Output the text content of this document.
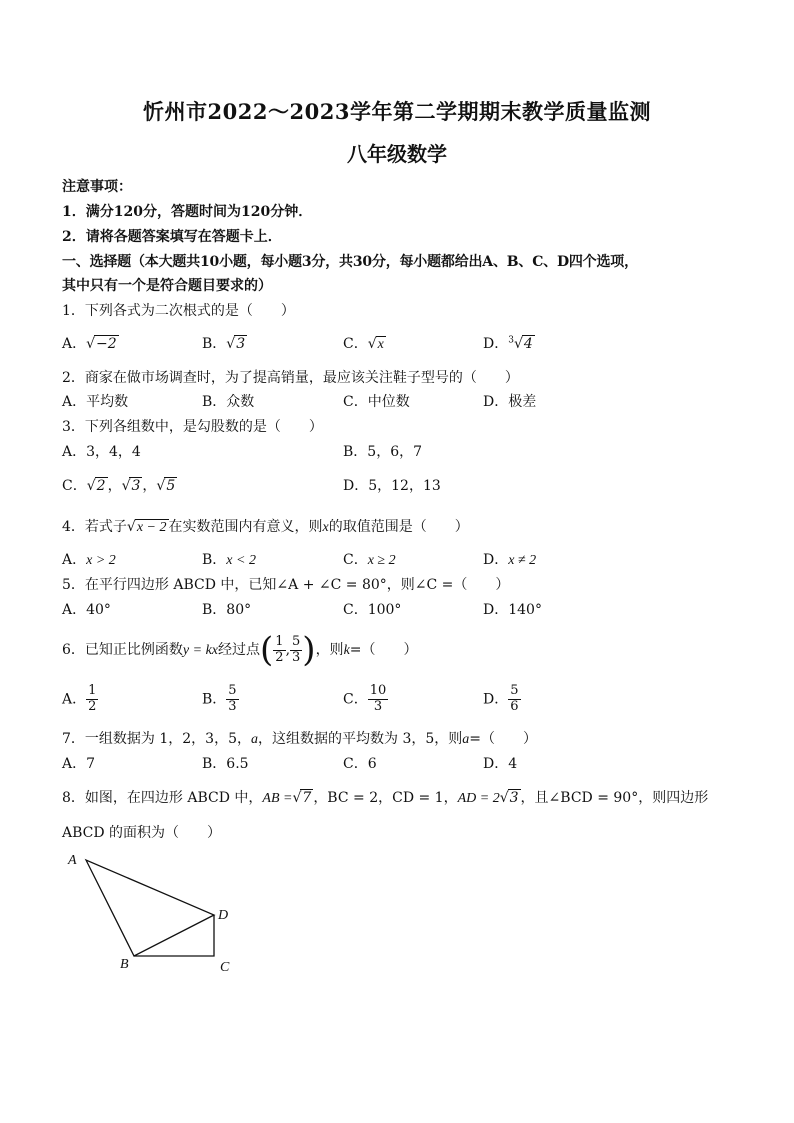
忻州市2022～2023学年第二学期期末教学质量监测
八年级数学
注意事项：
1．满分120分，答题时间为120分钟．
2．请将各题答案填写在答题卡上．
一、选择题（本大题共10小题，每小题3分，共30分，每小题都给出A、B、C、D四个选项，
其中只有一个是符合题目要求的）
1．下列各式为二次根式的是（　　）
A．√−2	B．√3	C．√x	D．$^3$√4
2．商家在做市场调查时，为了提高销量，最应该关注鞋子型号的（　　）
A．平均数	B．众数	C．中位数	D．极差
3．下列各组数中，是勾股数的是（　　）
A．3，4，4	B．5，6，7
C．√2 ，√3 ，√5	D．5，12，13
4．若式子√x − 2 在实数范围内有意义，则x的取值范围是（　　）
A．x > 2	B．x < 2	C．x ≥ 2	D．x ≠ 2
5．在平行四边形 ABCD 中，已知∠A + ∠C = 80°，则∠C =（　　）
A．40°	B．80°	C．100°	D．140°
6．已知正比例函数y = kx经过点( $\frac{1}{2}$ , $\frac{5}{3}$ )，则k=（　　）
A． $\frac{1}{2}$	B． $\frac{5}{3}$	C． $\frac{10}{3}$	D． $\frac{5}{6}$
7．一组数据为 1，2，3，5，a，这组数据的平均数为 3，5，则a=（　　）
A．7	B．6.5	C．6	D．4
8．如图，在四边形 ABCD 中，AB =√7 ，BC = 2，CD = 1，AD = 2√3 ，且∠BCD = 90°，则四边形
ABCD 的面积为（　　）
A
B	C
D
